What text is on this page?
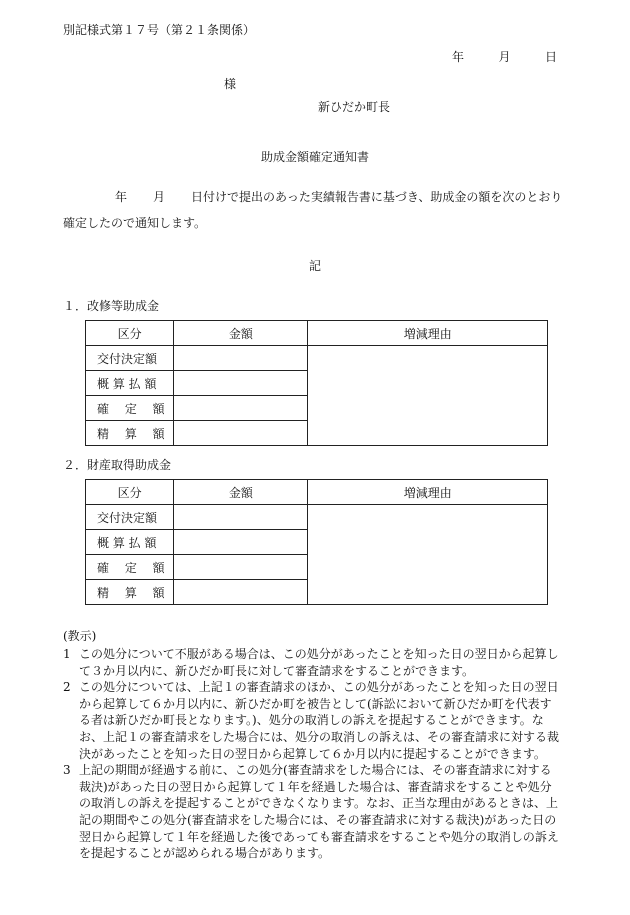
別記様式第１７号（第２１条関係）
年	月	日
様
新ひだか町長
助成金額確定通知書
年 月 日付けで提出のあった実績報告書に基づき、助成金の額を次のとおり確定したので通知します。
記
１．改修等助成金
区分	金額	増減理由
交付決定額		
概 算 払 額		
確　 定　 額		
精　 算　 額		
２．財産取得助成金
区分	金額	増減理由
交付決定額		
概 算 払 額		
確　 定　 額		
精　 算　 額		
(教示)
1 この処分について不服がある場合は、この処分があったことを知った日の翌日から起算して３か月以内に、新ひだか町長に対して審査請求をすることができます。
2 この処分については、上記１の審査請求のほか、この処分があったことを知った日の翌日から起算して６か月以内に、新ひだか町を被告として(訴訟において新ひだか町を代表する者は新ひだか町長となります。)、処分の取消しの訴えを提起することができます。なお、上記１の審査請求をした場合には、処分の取消しの訴えは、その審査請求に対する裁決があったことを知った日の翌日から起算して６か月以内に提起することができます。
3 上記の期間が経過する前に、この処分(審査請求をした場合には、その審査請求に対する裁決)があった日の翌日から起算して１年を経過した場合は、審査請求をすることや処分の取消しの訴えを提起することができなくなります。なお、正当な理由があるときは、上記の期間やこの処分(審査請求をした場合には、その審査請求に対する裁決)があった日の翌日から起算して１年を経過した後であっても審査請求をすることや処分の取消しの訴えを提起することが認められる場合があります。
